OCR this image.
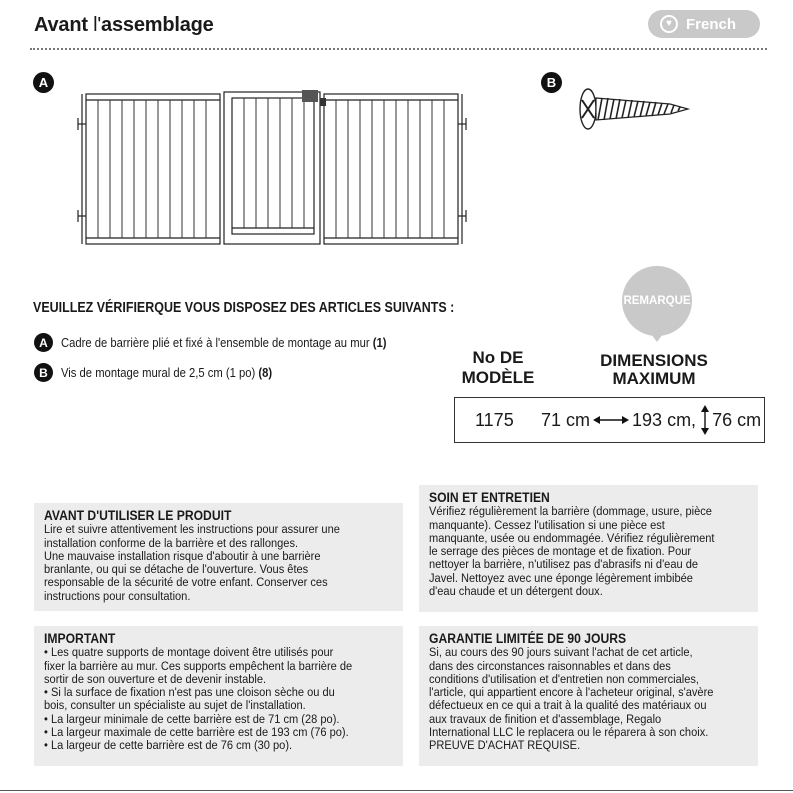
Avant l'assemblage	♥ French
A	B
VEUILLEZ VÉRIFIERQUE VOUS DISPOSEZ DES ARTICLES SUIVANTS :
A	Cadre de barrière plié et fixé à l'ensemble de montage au mur (1)
B	Vis de montage mural de 2,5 cm (1 po) (8)
REMARQUE
No DE
MODÈLE
DIMENSIONS
MAXIMUM
1175	71 cm 193 cm, 76 cm
AVANT D'UTILISER LE PRODUIT
Lire et suivre attentivement les instructions pour assurer une
installation conforme de la barrière et des rallonges.
Une mauvaise installation risque d'aboutir à une barrière
branlante, ou qui se détache de l'ouverture. Vous êtes
responsable de la sécurité de votre enfant. Conserver ces
instructions pour consultation.
SOIN ET ENTRETIEN
Vérifiez régulièrement la barrière (dommage, usure, pièce
manquante). Cessez l'utilisation si une pièce est
manquante, usée ou endommagée. Vérifiez régulièrement
le serrage des pièces de montage et de fixation. Pour
nettoyer la barrière, n'utilisez pas d'abrasifs ni d'eau de
Javel. Nettoyez avec une éponge légèrement imbibée
d'eau chaude et un détergent doux.
IMPORTANT
• Les quatre supports de montage doivent être utilisés pour
fixer la barrière au mur. Ces supports empêchent la barrière de
sortir de son ouverture et de devenir instable.
• Si la surface de fixation n'est pas une cloison sèche ou du
bois, consulter un spécialiste au sujet de l'installation.
• La largeur minimale de cette barrière est de 71 cm (28 po).
• La largeur maximale de cette barrière est de 193 cm (76 po).
• La largeur de cette barrière est de 76 cm (30 po).
GARANTIE LIMITÉE DE 90 JOURS
Si, au cours des 90 jours suivant l'achat de cet article,
dans des circonstances raisonnables et dans des
conditions d'utilisation et d'entretien non commerciales,
l'article, qui appartient encore à l'acheteur original, s'avère
défectueux en ce qui a trait à la qualité des matériaux ou
aux travaux de finition et d'assemblage, Regalo
International LLC le replacera ou le réparera à son choix.
PREUVE D'ACHAT REQUISE.
